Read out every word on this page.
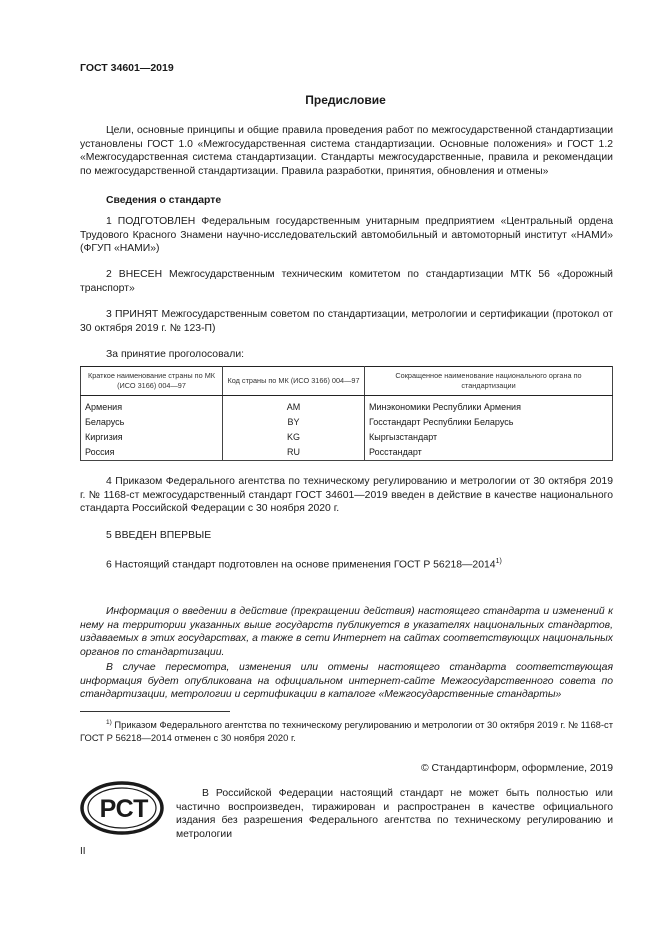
ГОСТ 34601—2019
Предисловие
Цели, основные принципы и общие правила проведения работ по межгосударственной стандартизации установлены ГОСТ 1.0 «Межгосударственная система стандартизации. Основные положения» и ГОСТ 1.2 «Межгосударственная система стандартизации. Стандарты межгосударственные, правила и рекомендации по межгосударственной стандартизации. Правила разработки, принятия, обновления и отмены»
Сведения о стандарте
1 ПОДГОТОВЛЕН Федеральным государственным унитарным предприятием «Центральный ордена Трудового Красного Знамени научно-исследовательский автомобильный и автомоторный институт «НАМИ» (ФГУП «НАМИ»)
2 ВНЕСЕН Межгосударственным техническим комитетом по стандартизации МТК 56 «Дорожный транспорт»
3 ПРИНЯТ Межгосударственным советом по стандартизации, метрологии и сертификации (протокол от 30 октября 2019 г. № 123-П)
За принятие проголосовали:
Краткое наименование страны по МК (ИСО 3166) 004—97	Код страны по МК (ИСО 3166) 004—97	Сокращенное наименование национального органа по стандартизации
Армения	AM	Минэкономики Республики Армения
Беларусь	BY	Госстандарт Республики Беларусь
Киргизия	KG	Кыргызстандарт
Россия	RU	Росстандарт
4 Приказом Федерального агентства по техническому регулированию и метрологии от 30 октября 2019 г. № 1168-ст межгосударственный стандарт ГОСТ 34601—2019 введен в действие в качестве национального стандарта Российской Федерации с 30 ноября 2020 г.
5 ВВЕДЕН ВПЕРВЫЕ
6 Настоящий стандарт подготовлен на основе применения ГОСТ Р 56218—2014$^{1)}$
Информация о введении в действие (прекращении действия) настоящего стандарта и изменений к нему на территории указанных выше государств публикуется в указателях национальных стандартов, издаваемых в этих государствах, а также в сети Интернет на сайтах соответствующих национальных органов по стандартизации.
В случае пересмотра, изменения или отмены настоящего стандарта соответствующая информация будет опубликована на официальном интернет-сайте Межгосударственного совета по стандартизации, метрологии и сертификации в каталоге «Межгосударственные стандарты»
$^{1)}$ Приказом Федерального агентства по техническому регулированию и метрологии от 30 октября 2019 г. № 1168-ст ГОСТ Р 56218—2014 отменен с 30 ноября 2020 г.
© Стандартинформ, оформление, 2019
РСТ
В Российской Федерации настоящий стандарт не может быть полностью или частично воспроизведен, тиражирован и распространен в качестве официального издания без разрешения Федерального агентства по техническому регулированию и метрологии
II
